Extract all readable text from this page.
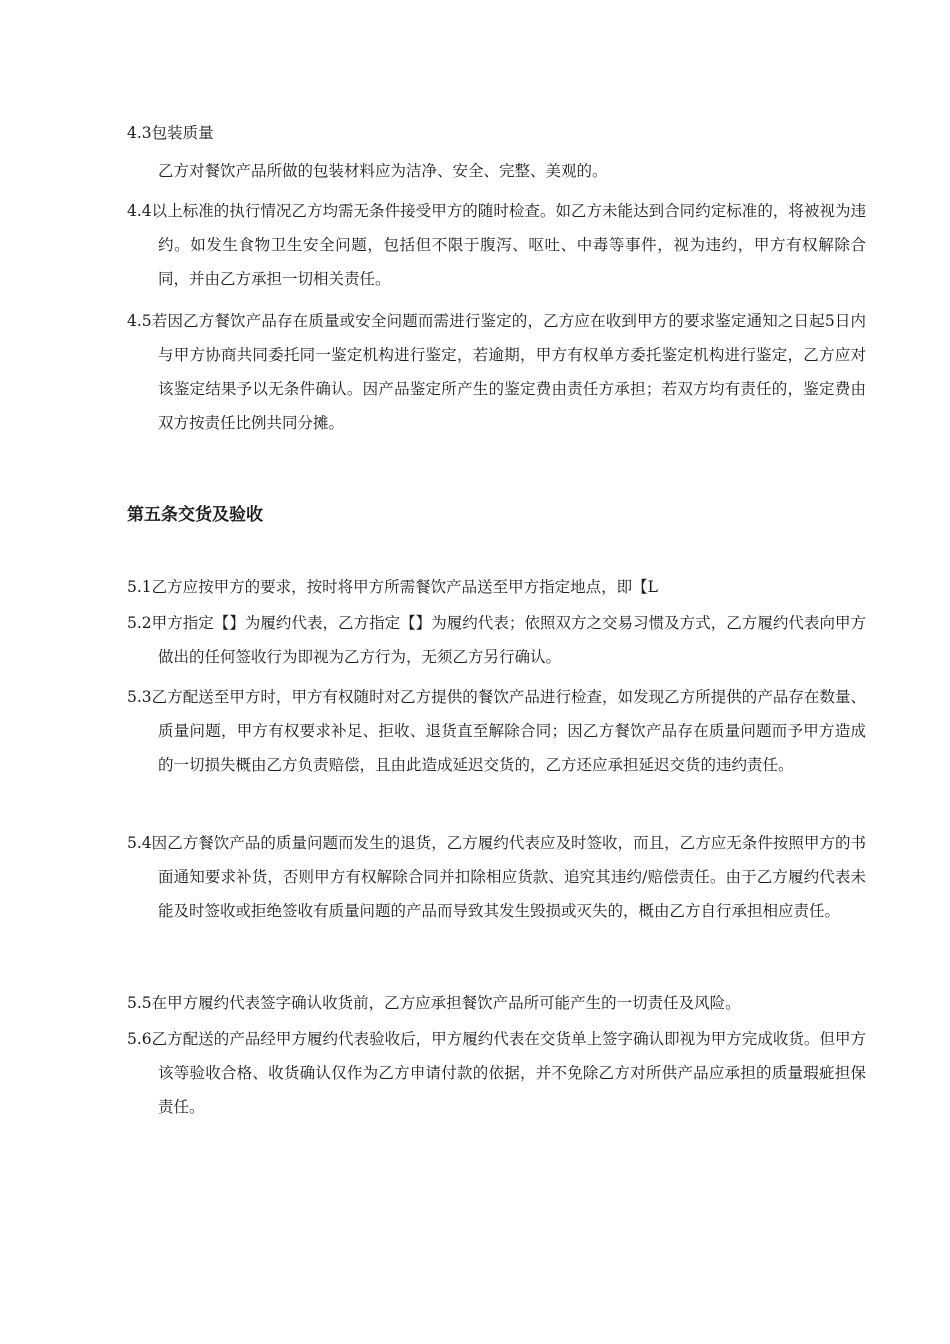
4.3包装质量

乙方对餐饮产品所做的包装材料应为洁净、安全、完整、美观的。

4.4以上标准的执行情况乙方均需无条件接受甲方的随时检查。如乙方未能达到合同约定标准的，将被视为违约。如发生食物卫生安全问题，包括但不限于腹泻、呕吐、中毒等事件，视为违约，甲方有权解除合同，并由乙方承担一切相关责任。

4.5若因乙方餐饮产品存在质量或安全问题而需进行鉴定的，乙方应在收到甲方的要求鉴定通知之日起5日内与甲方协商共同委托同一鉴定机构进行鉴定，若逾期，甲方有权单方委托鉴定机构进行鉴定，乙方应对该鉴定结果予以无条件确认。因产品鉴定所产生的鉴定费由责任方承担；若双方均有责任的，鉴定费由双方按责任比例共同分摊。

第五条交货及验收

5.1乙方应按甲方的要求，按时将甲方所需餐饮产品送至甲方指定地点，即【L

5.2甲方指定【】为履约代表，乙方指定【】为履约代表；依照双方之交易习惯及方式，乙方履约代表向甲方做出的任何签收行为即视为乙方行为，无须乙方另行确认。

5.3乙方配送至甲方时，甲方有权随时对乙方提供的餐饮产品进行检查，如发现乙方所提供的产品存在数量、质量问题，甲方有权要求补足、拒收、退货直至解除合同；因乙方餐饮产品存在质量问题而予甲方造成的一切损失概由乙方负责赔偿，且由此造成延迟交货的，乙方还应承担延迟交货的违约责任。

5.4因乙方餐饮产品的质量问题而发生的退货，乙方履约代表应及时签收，而且，乙方应无条件按照甲方的书面通知要求补货，否则甲方有权解除合同并扣除相应货款、追究其违约/赔偿责任。由于乙方履约代表未能及时签收或拒绝签收有质量问题的产品而导致其发生毁损或灭失的，概由乙方自行承担相应责任。

5.5在甲方履约代表签字确认收货前，乙方应承担餐饮产品所可能产生的一切责任及风险。

5.6乙方配送的产品经甲方履约代表验收后，甲方履约代表在交货单上签字确认即视为甲方完成收货。但甲方该等验收合格、收货确认仅作为乙方申请付款的依据，并不免除乙方对所供产品应承担的质量瑕疵担保责任。
